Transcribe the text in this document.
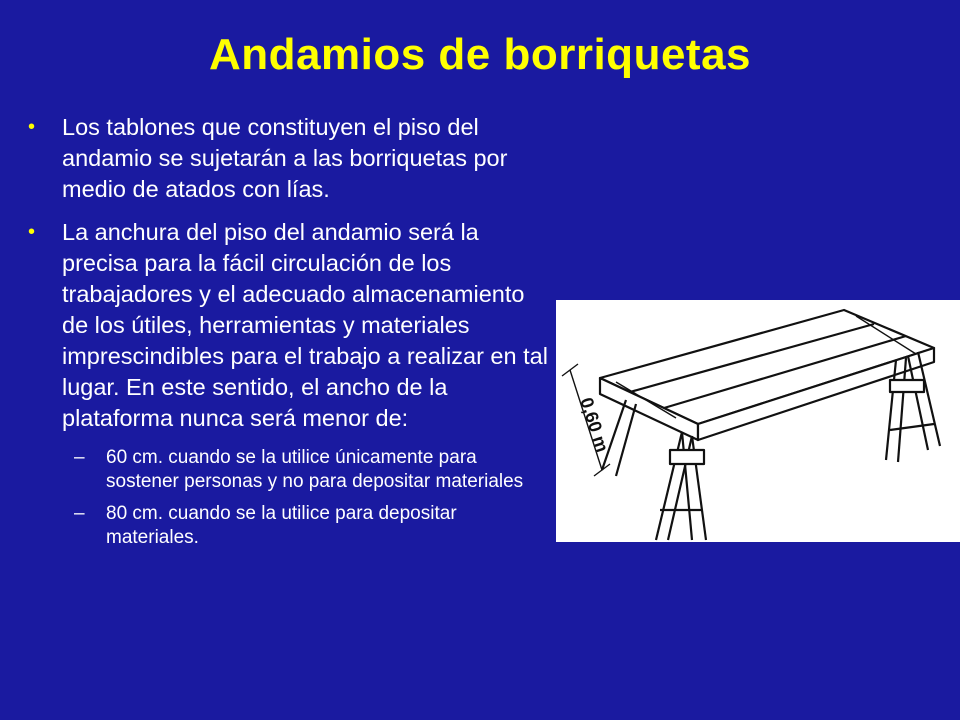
Andamios de borriquetas
• Los tablones que constituyen el piso del andamio se sujetarán a las borriquetas por medio de atados con lías.
• La anchura del piso del andamio será la precisa para la fácil circulación de los trabajadores y el adecuado almacenamiento de los útiles, herramientas y materiales imprescindibles para el trabajo a realizar en tal lugar. En este sentido, el ancho de la plataforma nunca será menor de:
– 60 cm. cuando se la utilice únicamente para sostener personas y no para depositar materiales
– 80 cm. cuando se la utilice para depositar materiales.
0,60 m
